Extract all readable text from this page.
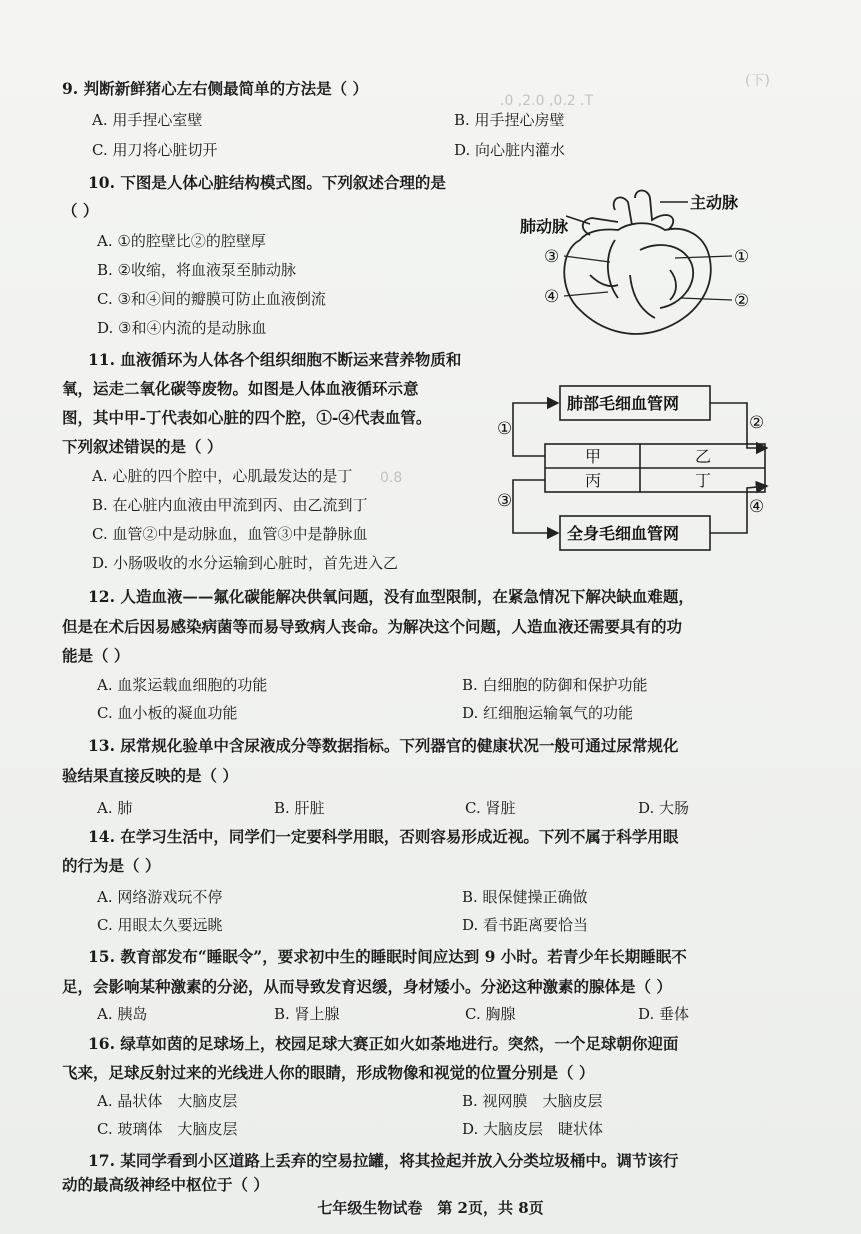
.0 ,2.0 ,0.2 .T
(下)
0.8
9. 判断新鲜猪心左右侧最简单的方法是（ ）
A. 用手捏心室壁	B. 用手捏心房壁
C. 用刀将心脏切开	D. 向心脏内灌水
10. 下图是人体心脏结构模式图。下列叙述合理的是
（ ）
A. ①的腔壁比②的腔壁厚
B. ②收缩，将血液泵至肺动脉
C. ③和④间的瓣膜可防止血液倒流
D. ③和④内流的是动脉血
主动脉
肺动脉
③
④
①
②
11. 血液循环为人体各个组织细胞不断运来营养物质和
氧，运走二氧化碳等废物。如图是人体血液循环示意
图，其中甲-丁代表如心脏的四个腔，①-④代表血管。
下列叙述错误的是（ ）
A. 心脏的四个腔中，心肌最发达的是丁
B. 在心脏内血液由甲流到丙、由乙流到丁
C. 血管②中是动脉血，血管③中是静脉血
D. 小肠吸收的水分运输到心脏时，首先进入乙
肺部毛细血管网
全身毛细血管网
甲	乙
丙	丁
①	②
③	④
12. 人造血液——氟化碳能解决供氧问题，没有血型限制，在紧急情况下解决缺血难题，
但是在术后因易感染病菌等而易导致病人丧命。为解决这个问题，人造血液还需要具有的功
能是（ ）
A. 血浆运载血细胞的功能	B. 白细胞的防御和保护功能
C. 血小板的凝血功能	D. 红细胞运输氧气的功能
13. 尿常规化验单中含尿液成分等数据指标。下列器官的健康状况一般可通过尿常规化
验结果直接反映的是（ ）
A. 肺	B. 肝脏	C. 肾脏	D. 大肠
14. 在学习生活中，同学们一定要科学用眼，否则容易形成近视。下列不属于科学用眼
的行为是（ ）
A. 网络游戏玩不停	B. 眼保健操正确做
C. 用眼太久要远眺	D. 看书距离要恰当
15. 教育部发布“睡眠令”，要求初中生的睡眠时间应达到 9 小时。若青少年长期睡眠不
足，会影响某种激素的分泌，从而导致发育迟缓，身材矮小。分泌这种激素的腺体是（ ）
A. 胰岛	B. 肾上腺	C. 胸腺	D. 垂体
16. 绿草如茵的足球场上，校园足球大赛正如火如荼地进行。突然，一个足球朝你迎面
飞来，足球反射过来的光线进人你的眼睛，形成物像和视觉的位置分别是（ ）
A. 晶状体　大脑皮层	B. 视网膜　大脑皮层
C. 玻璃体　大脑皮层	D. 大脑皮层　睫状体
17. 某同学看到小区道路上丢弃的空易拉罐，将其捡起并放入分类垃圾桶中。调节该行
动的最高级神经中枢位于（ ）
七年级生物试卷　第 2页，共 8页
